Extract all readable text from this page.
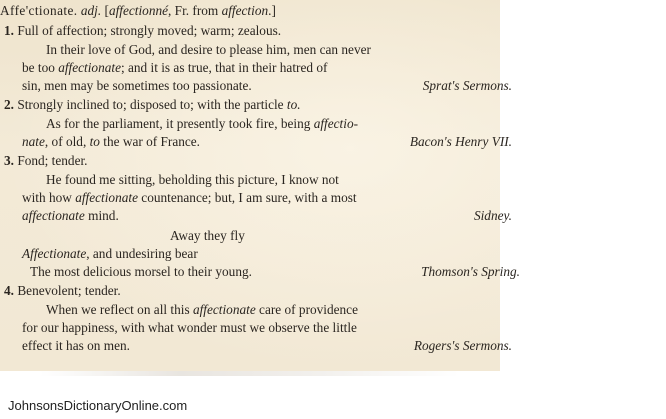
Affe'ctionate. adj. [affectionné, Fr. from affection.]
1. Full of affection; strongly moved; warm; zealous.
In their love of God, and desire to please him, men can never
be too affectionate; and it is as true, that in their hatred of
sin, men may be sometimes too passionate.	Sprat's Sermons.
2. Strongly inclined to; disposed to; with the particle to.
As for the parliament, it presently took fire, being affectio-
nate, of old, to the war of France.	Bacon's Henry VII.
3. Fond; tender.
He found me sitting, beholding this picture, I know not
with how affectionate countenance; but, I am sure, with a most
affectionate mind.	Sidney.
Away they fly
Affectionate, and undesiring bear
The most delicious morsel to their young.	Thomson's Spring.
4. Benevolent; tender.
When we reflect on all this affectionate care of providence
for our happiness, with what wonder must we observe the little
effect it has on men.	Rogers's Sermons.
JohnsonsDictionaryOnline.com
